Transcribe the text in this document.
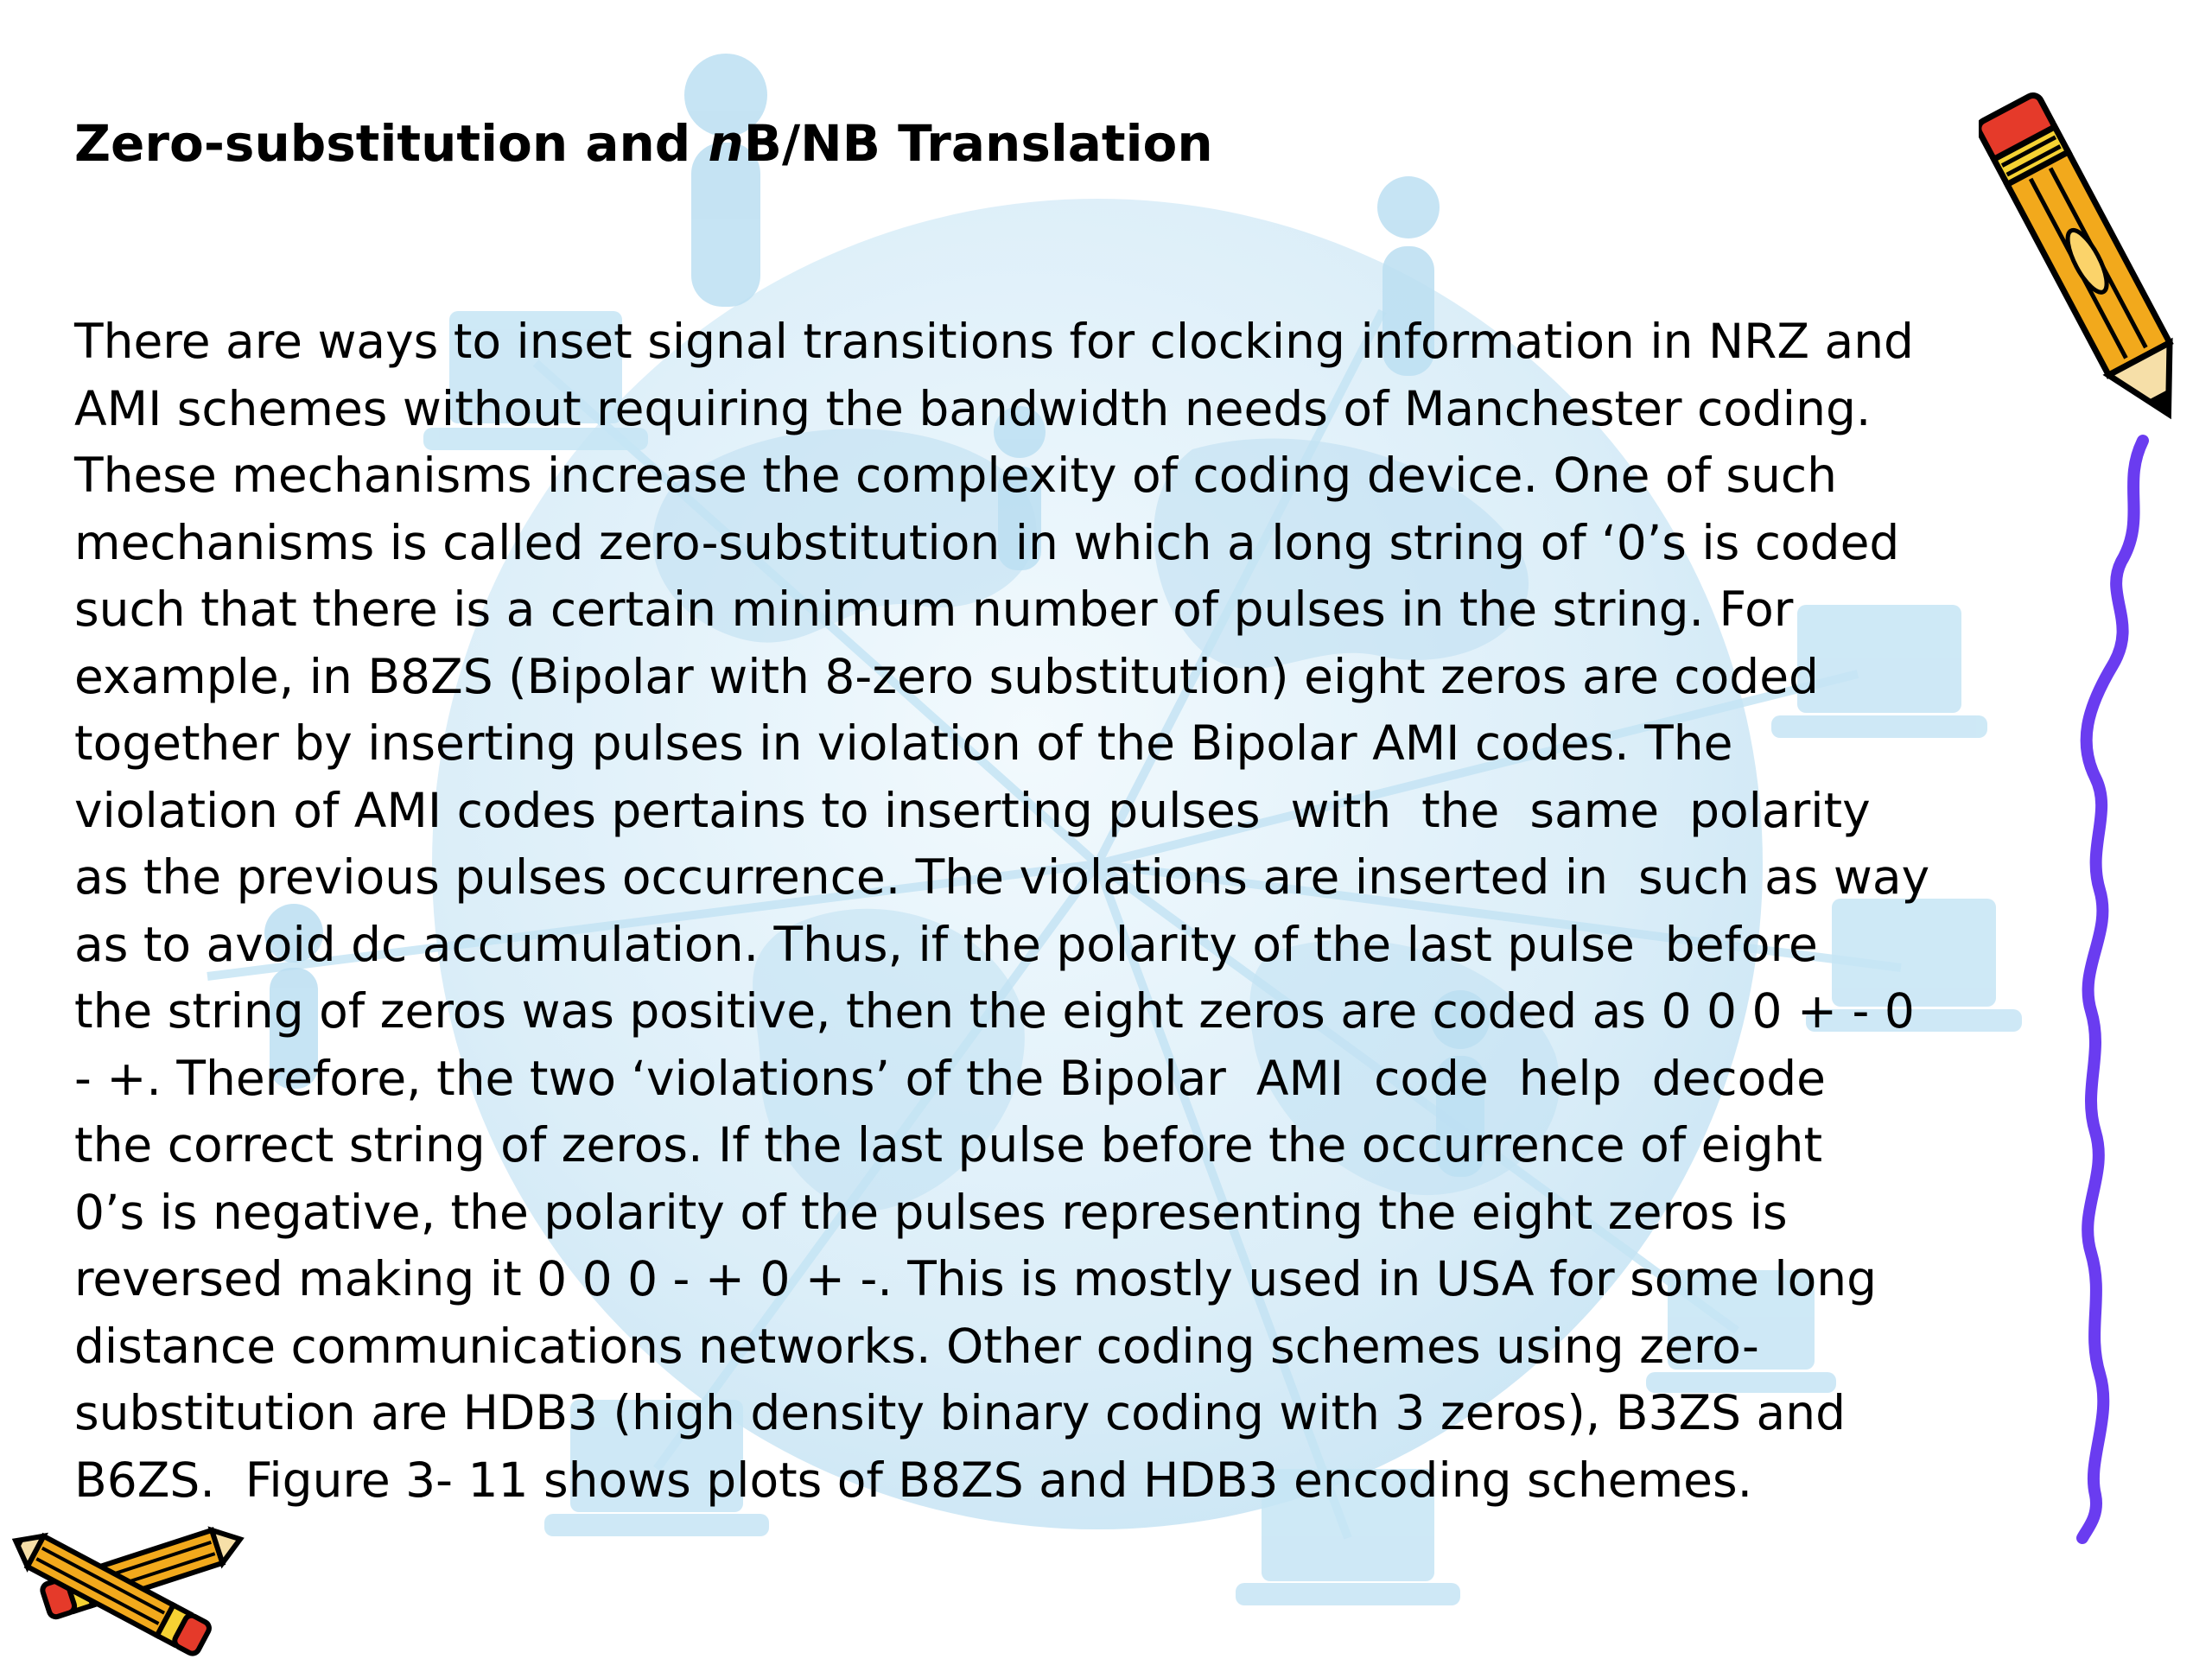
Zero-substitution and nB/NB Translation
There are ways to inset signal transitions for clocking information in NRZ and
AMI schemes without requiring the bandwidth needs of Manchester coding.
These mechanisms increase the complexity of coding device. One of such
mechanisms is called zero-substitution in which a long string of ‘0’s is coded
such that there is a certain minimum number of pulses in the string. For
example, in B8ZS (Bipolar with 8-zero substitution) eight zeros are coded
together by inserting pulses in violation of the Bipolar AMI codes. The
violation of AMI codes pertains to inserting pulses  with  the  same  polarity
as the previous pulses occurrence. The violations are inserted in  such as way
as to avoid dc accumulation. Thus, if the polarity of the last pulse  before
the string of zeros was positive, then the eight zeros are coded as 0 0 0 + - 0
- +. Therefore, the two ‘violations’ of the Bipolar  AMI  code  help  decode
the correct string of zeros. If the last pulse before the occurrence of eight
0’s is negative, the polarity of the pulses representing the eight zeros is
reversed making it 0 0 0 - + 0 + -. This is mostly used in USA for some long
distance communications networks. Other coding schemes using zero-
substitution are HDB3 (high density binary coding with 3 zeros), B3ZS and
B6ZS.  Figure 3- 11 shows plots of B8ZS and HDB3 encoding schemes.
